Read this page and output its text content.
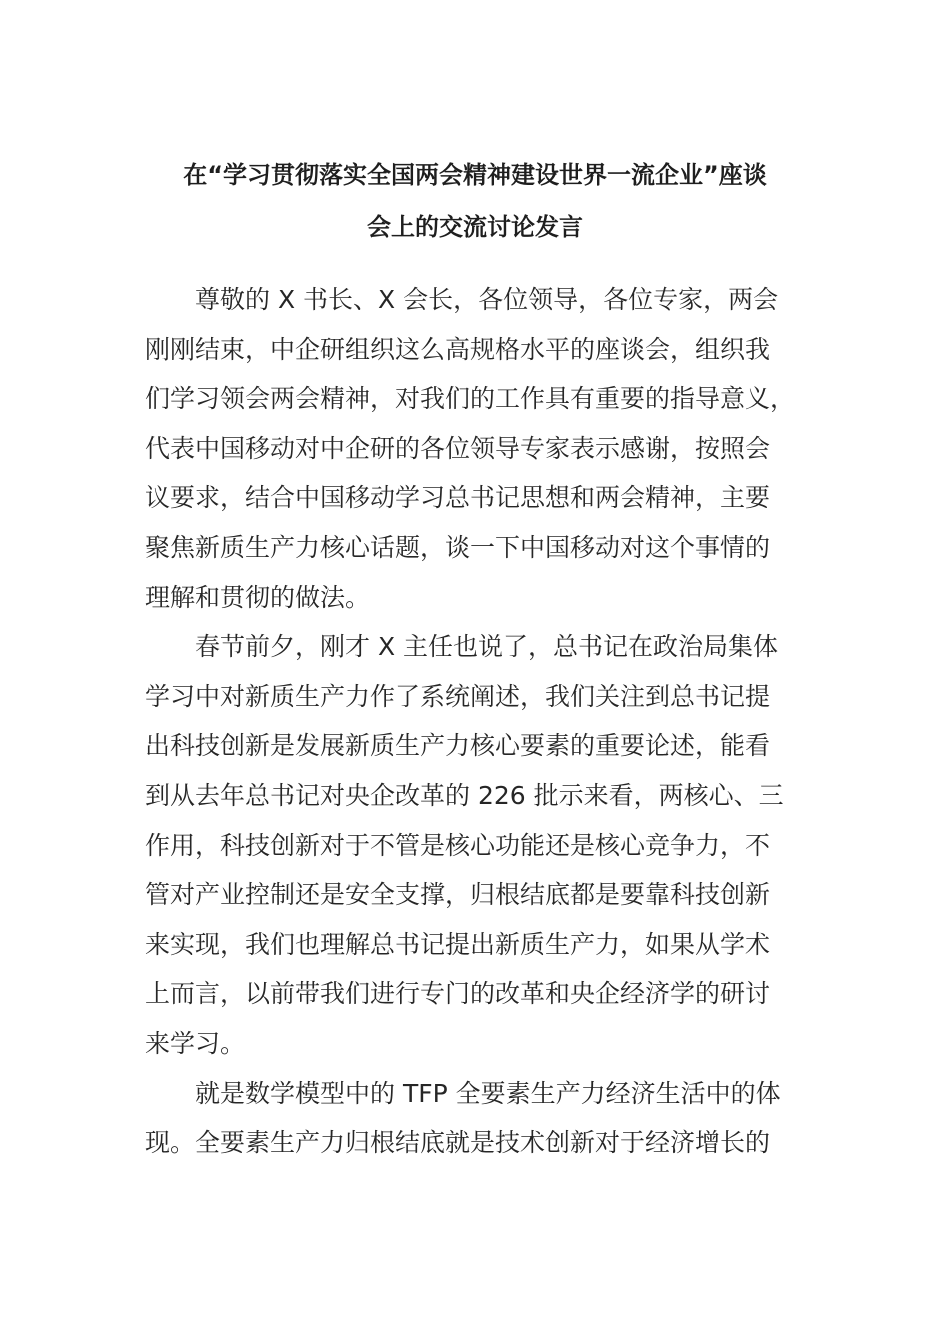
在“学习贯彻落实全国两会精神建设世界一流企业”座谈
会上的交流讨论发言
尊敬的 X 书长、X 会长，各位领导，各位专家，两会
刚刚结束，中企研组织这么高规格水平的座谈会，组织我
们学习领会两会精神，对我们的工作具有重要的指导意义，
代表中国移动对中企研的各位领导专家表示感谢，按照会
议要求，结合中国移动学习总书记思想和两会精神，主要
聚焦新质生产力核心话题，谈一下中国移动对这个事情的
理解和贯彻的做法。
春节前夕，刚才 X 主任也说了，总书记在政治局集体
学习中对新质生产力作了系统阐述，我们关注到总书记提
出科技创新是发展新质生产力核心要素的重要论述，能看
到从去年总书记对央企改革的 226 批示来看，两核心、三
作用，科技创新对于不管是核心功能还是核心竞争力，不
管对产业控制还是安全支撑，归根结底都是要靠科技创新
来实现，我们也理解总书记提出新质生产力，如果从学术
上而言，以前带我们进行专门的改革和央企经济学的研讨
来学习。
就是数学模型中的 TFP 全要素生产力经济生活中的体
现。全要素生产力归根结底就是技术创新对于经济增长的
